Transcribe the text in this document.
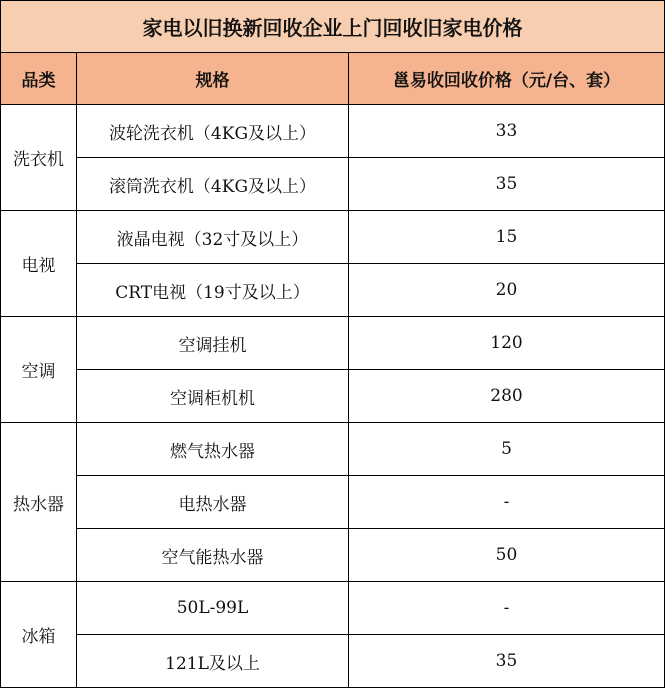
家电以旧换新回收企业上门回收旧家电价格		
品类	规格	邕易收回收价格（元/台、套）
洗衣机	波轮洗衣机（4KG及以上）	33
	滚筒洗衣机（4KG及以上）	35
电视	液晶电视（32寸及以上）	15
	CRT电视（19寸及以上）	20
空调	空调挂机	120
	空调柜机机	280
热水器	燃气热水器	5
	电热水器	-
	空气能热水器	50
冰箱	50L-99L	-
	121L及以上	35
